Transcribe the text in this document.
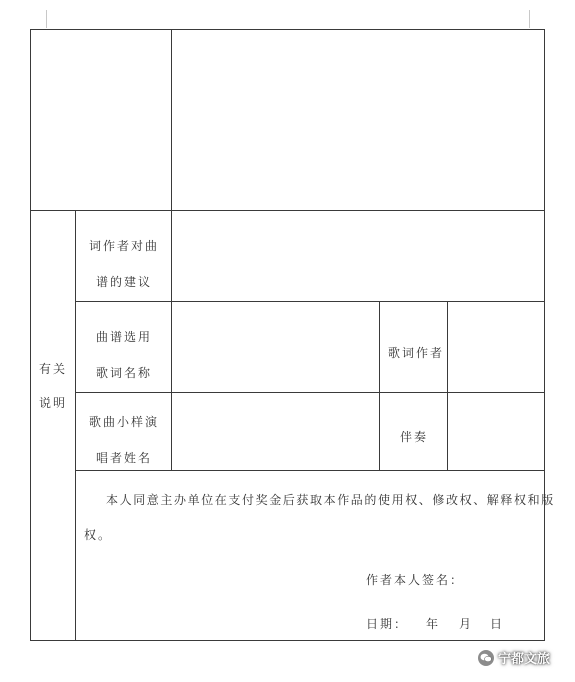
有关说明
词作者对曲谱的建议
曲谱选用歌词名称
歌词作者
歌曲小样演唱者姓名
伴奏
本人同意主办单位在支付奖金后获取本作品的使用权、修改权、解释权和版
权。
作者本人签名：
日期： 年 月 日
宁都文旅
